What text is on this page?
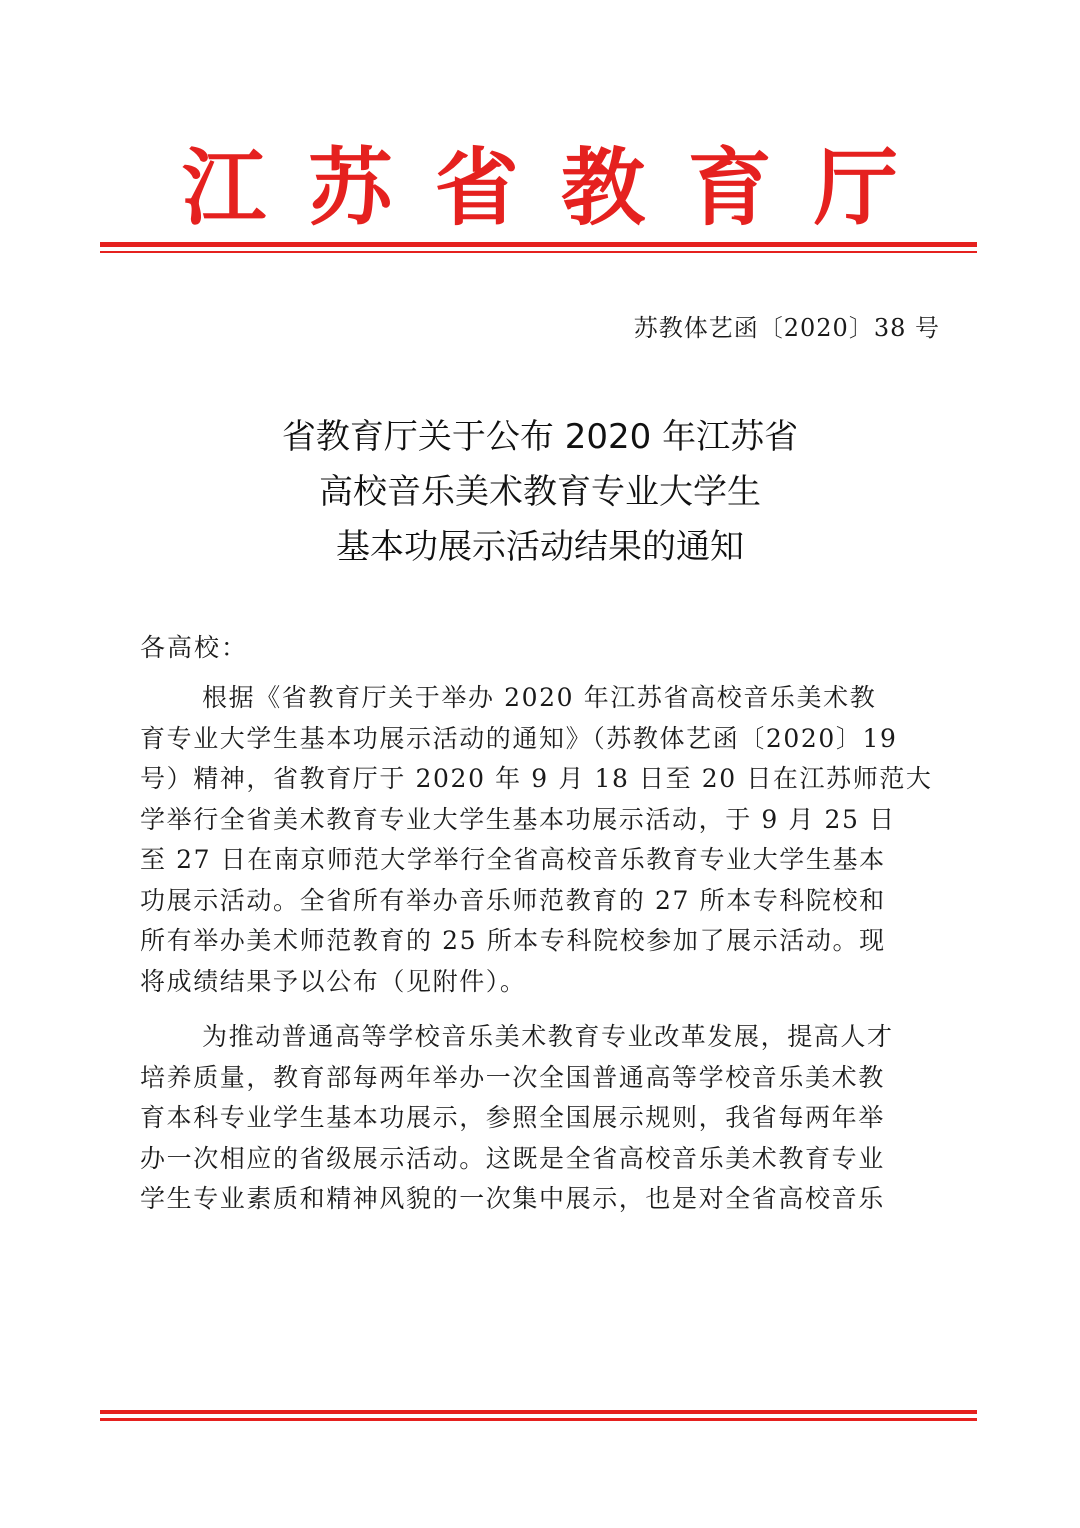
江 苏 省 教 育 厅
苏教体艺函〔2020〕38 号
省教育厅关于公布 2020 年江苏省
高校音乐美术教育专业大学生
基本功展示活动结果的通知
各高校：
根据《省教育厅关于举办 2020 年江苏省高校音乐美术教
育专业大学生基本功展示活动的通知》（苏教体艺函〔2020〕19
号）精神，省教育厅于 2020 年 9 月 18 日至 20 日在江苏师范大
学举行全省美术教育专业大学生基本功展示活动，于 9 月 25 日
至 27 日在南京师范大学举行全省高校音乐教育专业大学生基本
功展示活动。全省所有举办音乐师范教育的 27 所本专科院校和
所有举办美术师范教育的 25 所本专科院校参加了展示活动。现
将成绩结果予以公布（见附件）。
为推动普通高等学校音乐美术教育专业改革发展，提高人才
培养质量，教育部每两年举办一次全国普通高等学校音乐美术教
育本科专业学生基本功展示，参照全国展示规则，我省每两年举
办一次相应的省级展示活动。这既是全省高校音乐美术教育专业
学生专业素质和精神风貌的一次集中展示，也是对全省高校音乐
